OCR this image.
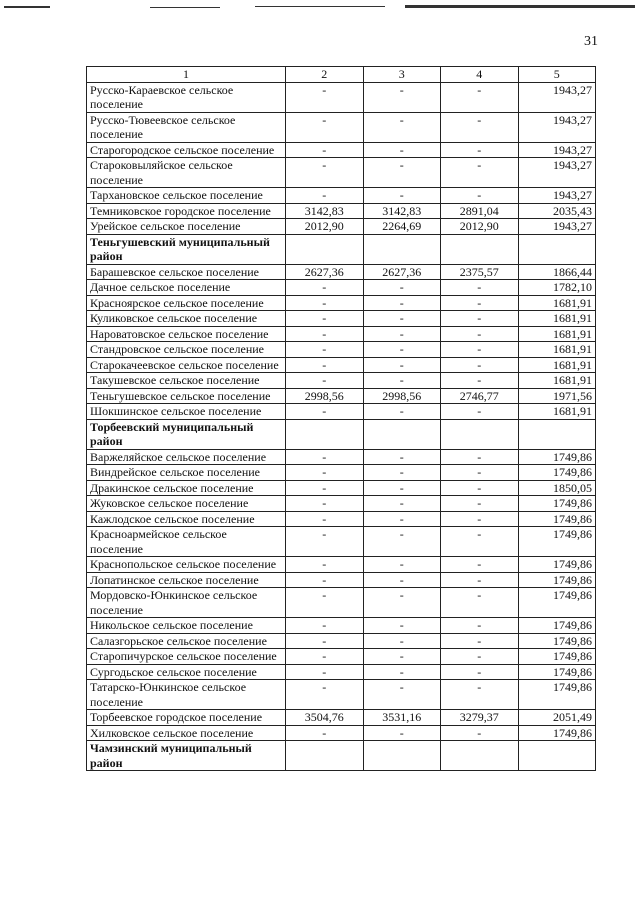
31
1	2	3	4	5
Русско-Караевское сельское поселение	-	-	-	1943,27
Русско-Тювеевское сельское поселение	-	-	-	1943,27
Старогородское сельское поселение	-	-	-	1943,27
Староковыляйское сельское поселение	-	-	-	1943,27
Тархановское сельское поселение	-	-	-	1943,27
Темниковское городское поселение	3142,83	3142,83	2891,04	2035,43
Урейское сельское поселение	2012,90	2264,69	2012,90	1943,27
Теньгушевский муниципальный район				
Барашевское сельское поселение	2627,36	2627,36	2375,57	1866,44
Дачное сельское поселение	-	-	-	1782,10
Красноярское сельское поселение	-	-	-	1681,91
Куликовское сельское поселение	-	-	-	1681,91
Нароватовское сельское поселение	-	-	-	1681,91
Стандровское сельское поселение	-	-	-	1681,91
Старокачеевское сельское поселение	-	-	-	1681,91
Такушевское сельское поселение	-	-	-	1681,91
Теньгушевское сельское поселение	2998,56	2998,56	2746,77	1971,56
Шокшинское сельское поселение	-	-	-	1681,91
Торбеевский муниципальный район				
Варжеляйское сельское поселение	-	-	-	1749,86
Виндрейское сельское поселение	-	-	-	1749,86
Дракинское сельское поселение	-	-	-	1850,05
Жуковское сельское поселение	-	-	-	1749,86
Кажлодское сельское поселение	-	-	-	1749,86
Красноармейское сельское поселение	-	-	-	1749,86
Краснопольское сельское поселение	-	-	-	1749,86
Лопатинское сельское поселение	-	-	-	1749,86
Мордовско-Юнкинское сельское поселение	-	-	-	1749,86
Никольское сельское поселение	-	-	-	1749,86
Салазгорьское сельское поселение	-	-	-	1749,86
Старопичурское сельское поселение	-	-	-	1749,86
Сургодьское сельское поселение	-	-	-	1749,86
Татарско-Юнкинское сельское поселение	-	-	-	1749,86
Торбеевское городское поселение	3504,76	3531,16	3279,37	2051,49
Хилковское сельское поселение	-	-	-	1749,86
Чамзинский муниципальный район				
